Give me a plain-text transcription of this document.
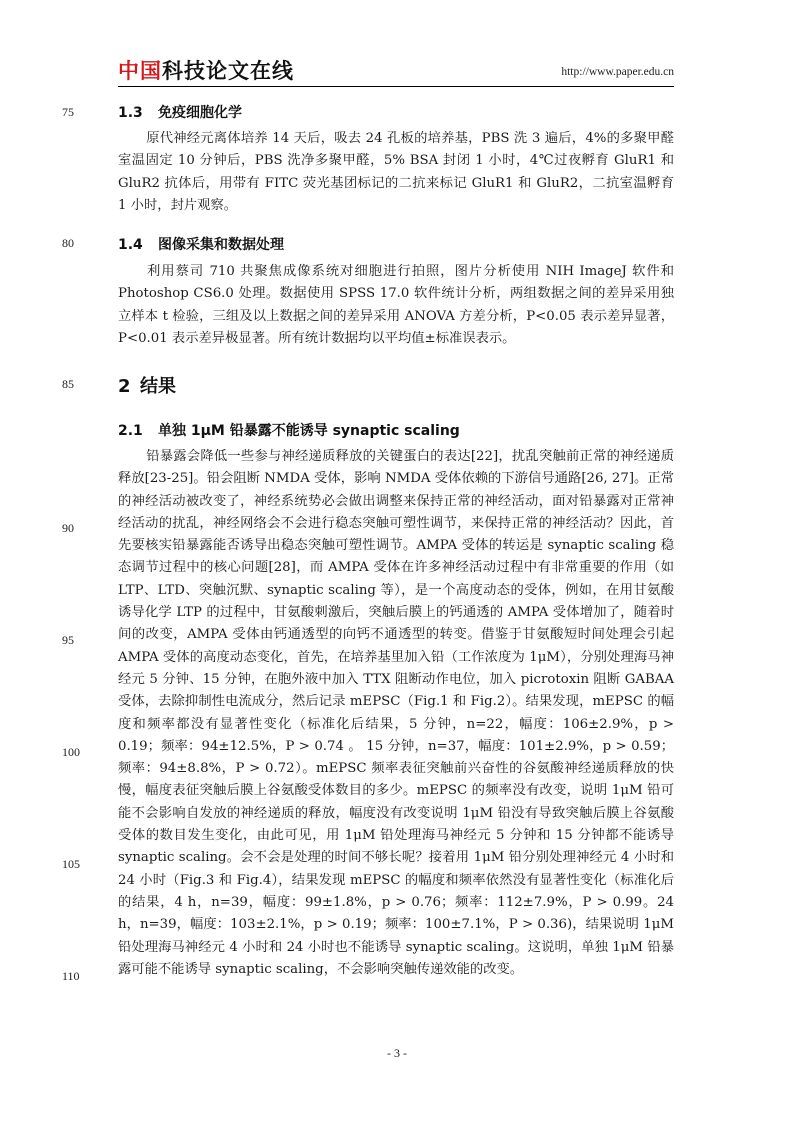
中国科技论文在线	http://www.paper.edu.cn
75
80
85
90
95
100
105
110
1.3 免疫细胞化学
原代神经元离体培养 14 天后，吸去 24 孔板的培养基，PBS 洗 3 遍后，4%的多聚甲醛室温固定 10 分钟后，PBS 洗净多聚甲醛，5% BSA 封闭 1 小时，4℃过夜孵育 GluR1 和 GluR2 抗体后，用带有 FITC 荧光基团标记的二抗来标记 GluR1 和 GluR2，二抗室温孵育 1 小时，封片观察。
1.4 图像采集和数据处理
利用蔡司 710 共聚焦成像系统对细胞进行拍照，图片分析使用 NIH ImageJ 软件和 Photoshop CS6.0 处理。数据使用 SPSS 17.0 软件统计分析，两组数据之间的差异采用独立样本 t 检验，三组及以上数据之间的差异采用 ANOVA 方差分析，P<0.05 表示差异显著，P<0.01 表示差异极显著。所有统计数据均以平均值±标准误表示。
2 结果
2.1 单独 1μM 铅暴露不能诱导 synaptic scaling
铅暴露会降低一些参与神经递质释放的关键蛋白的表达[22]，扰乱突触前正常的神经递质释放[23-25]。铅会阻断 NMDA 受体，影响 NMDA 受体依赖的下游信号通路[26, 27]。正常的神经活动被改变了，神经系统势必会做出调整来保持正常的神经活动，面对铅暴露对正常神经活动的扰乱，神经网络会不会进行稳态突触可塑性调节，来保持正常的神经活动？因此，首先要核实铅暴露能否诱导出稳态突触可塑性调节。AMPA 受体的转运是 synaptic scaling 稳态调节过程中的核心问题[28]，而 AMPA 受体在许多神经活动过程中有非常重要的作用（如 LTP、LTD、突触沉默、synaptic scaling 等），是一个高度动态的受体，例如，在用甘氨酸诱导化学 LTP 的过程中，甘氨酸刺激后，突触后膜上的钙通透的 AMPA 受体增加了，随着时间的改变，AMPA 受体由钙通透型的向钙不通透型的转变。借鉴于甘氨酸短时间处理会引起 AMPA 受体的高度动态变化，首先，在培养基里加入铅（工作浓度为 1μM），分别处理海马神经元 5 分钟、15 分钟，在胞外液中加入 TTX 阻断动作电位，加入 picrotoxin 阻断 GABAA 受体，去除抑制性电流成分，然后记录 mEPSC（Fig.1 和 Fig.2）。结果发现，mEPSC 的幅度和频率都没有显著性变化（标准化后结果，5 分钟，n=22，幅度：106±2.9%，p > 0.19；频率：94±12.5%，P > 0.74 。 15 分钟，n=37，幅度：101±2.9%，p > 0.59；频率：94±8.8%，P > 0.72）。mEPSC 频率表征突触前兴奋性的谷氨酸神经递质释放的快慢，幅度表征突触后膜上谷氨酸受体数目的多少。mEPSC 的频率没有改变，说明 1μM 铅可能不会影响自发放的神经递质的释放，幅度没有改变说明 1μM 铅没有导致突触后膜上谷氨酸受体的数目发生变化，由此可见，用 1μM 铅处理海马神经元 5 分钟和 15 分钟都不能诱导 synaptic scaling。会不会是处理的时间不够长呢？接着用 1μM 铅分别处理神经元 4 小时和 24 小时（Fig.3 和 Fig.4），结果发现 mEPSC 的幅度和频率依然没有显著性变化（标准化后的结果，4 h，n=39，幅度：99±1.8%，p > 0.76；频率：112±7.9%，P > 0.99。24 h，n=39，幅度：103±2.1%，p > 0.19；频率：100±7.1%，P > 0.36)，结果说明 1μM 铅处理海马神经元 4 小时和 24 小时也不能诱导 synaptic scaling。这说明，单独 1μM 铅暴露可能不能诱导 synaptic scaling，不会影响突触传递效能的改变。
- 3 -
